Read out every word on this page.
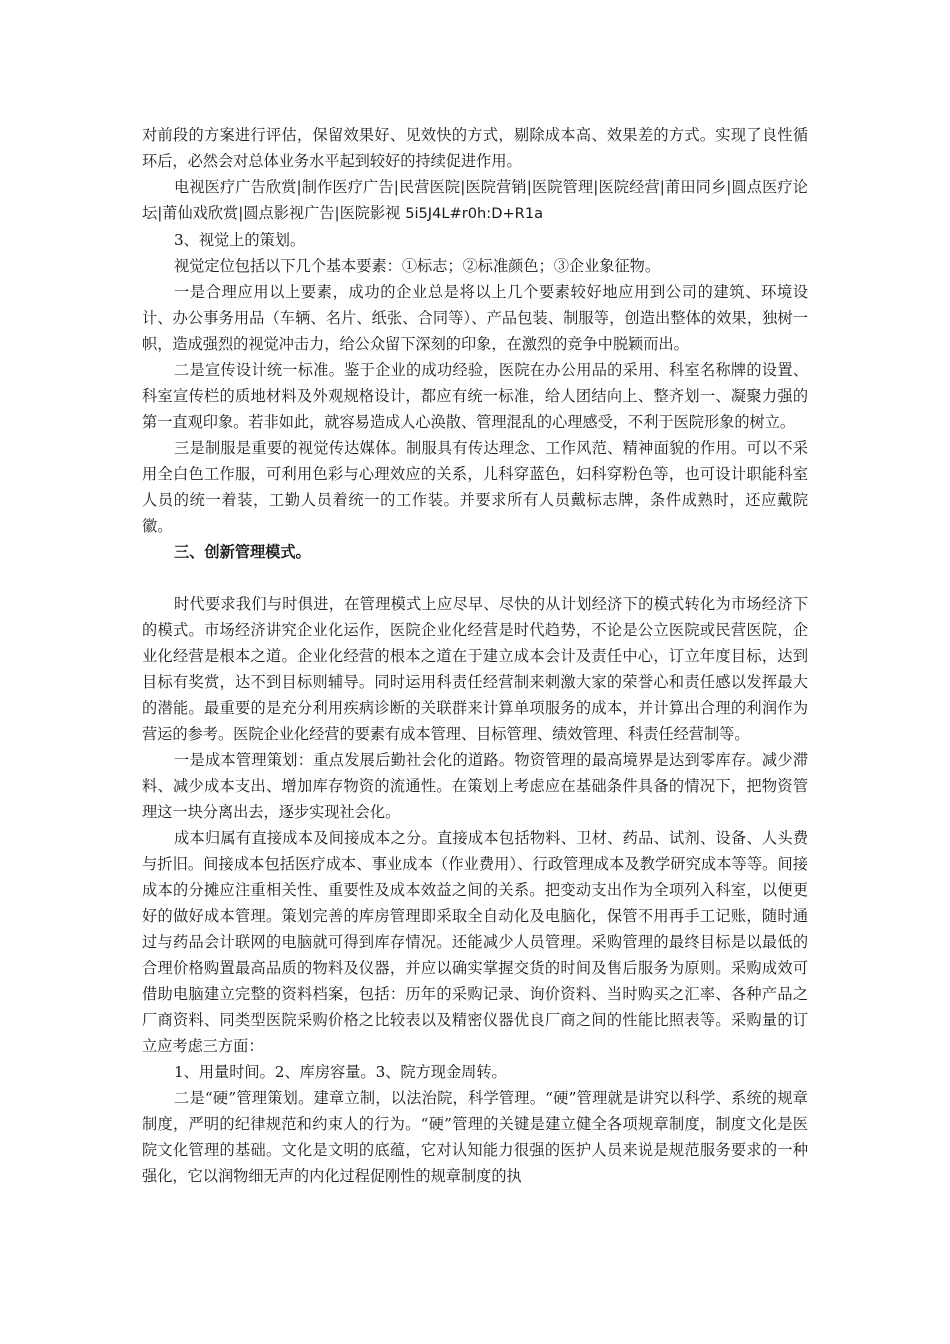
对前段的方案进行评估，保留效果好、见效快的方式，剔除成本高、效果差的方式。实现了良性循环后，必然会对总体业务水平起到较好的持续促进作用。

电视医疗广告欣赏|制作医疗广告|民营医院|医院营销|医院管理|医院经营|莆田同乡|圆点医疗论坛|莆仙戏欣赏|圆点影视广告|医院影视 5i5J4L#r0h:D+R1a

3、视觉上的策划。

视觉定位包括以下几个基本要素：①标志；②标准颜色；③企业象征物。

一是合理应用以上要素，成功的企业总是将以上几个要素较好地应用到公司的建筑、环境设计、办公事务用品（车辆、名片、纸张、合同等）、产品包装、制服等，创造出整体的效果，独树一帜，造成强烈的视觉冲击力，给公众留下深刻的印象，在激烈的竞争中脱颖而出。

二是宣传设计统一标准。鉴于企业的成功经验，医院在办公用品的采用、科室名称牌的设置、科室宣传栏的质地材料及外观规格设计，都应有统一标准，给人团结向上、整齐划一、凝聚力强的第一直观印象。若非如此，就容易造成人心涣散、管理混乱的心理感受，不利于医院形象的树立。

三是制服是重要的视觉传达媒体。制服具有传达理念、工作风范、精神面貌的作用。可以不采用全白色工作服，可利用色彩与心理效应的关系，儿科穿蓝色，妇科穿粉色等，也可设计职能科室人员的统一着装，工勤人员着统一的工作装。并要求所有人员戴标志牌，条件成熟时，还应戴院徽。

三、创新管理模式。

时代要求我们与时俱进，在管理模式上应尽早、尽快的从计划经济下的模式转化为市场经济下的模式。市场经济讲究企业化运作，医院企业化经营是时代趋势，不论是公立医院或民营医院，企业化经营是根本之道。企业化经营的根本之道在于建立成本会计及责任中心，订立年度目标，达到目标有奖赏，达不到目标则辅导。同时运用科责任经营制来刺激大家的荣誉心和责任感以发挥最大的潜能。最重要的是充分利用疾病诊断的关联群来计算单项服务的成本，并计算出合理的利润作为营运的参考。医院企业化经营的要素有成本管理、目标管理、绩效管理、科责任经营制等。

一是成本管理策划：重点发展后勤社会化的道路。物资管理的最高境界是达到零库存。减少滞料、减少成本支出、增加库存物资的流通性。在策划上考虑应在基础条件具备的情况下，把物资管理这一块分离出去，逐步实现社会化。

成本归属有直接成本及间接成本之分。直接成本包括物料、卫材、药品、试剂、设备、人头费与折旧。间接成本包括医疗成本、事业成本（作业费用）、行政管理成本及教学研究成本等等。间接成本的分摊应注重相关性、重要性及成本效益之间的关系。把变动支出作为全项列入科室，以便更好的做好成本管理。策划完善的库房管理即采取全自动化及电脑化，保管不用再手工记账，随时通过与药品会计联网的电脑就可得到库存情况。还能减少人员管理。采购管理的最终目标是以最低的合理价格购置最高品质的物料及仪器，并应以确实掌握交货的时间及售后服务为原则。采购成效可借助电脑建立完整的资料档案，包括：历年的采购记录、询价资料、当时购买之汇率、各种产品之厂商资料、同类型医院采购价格之比较表以及精密仪器优良厂商之间的性能比照表等。采购量的订立应考虑三方面：

1、用量时间。2、库房容量。3、院方现金周转。

二是“硬”管理策划。建章立制，以法治院，科学管理。“硬”管理就是讲究以科学、系统的规章制度，严明的纪律规范和约束人的行为。“硬”管理的关键是建立健全各项规章制度，制度文化是医院文化管理的基础。文化是文明的底蕴，它对认知能力很强的医护人员来说是规范服务要求的一种强化，它以润物细无声的内化过程促刚性的规章制度的执
